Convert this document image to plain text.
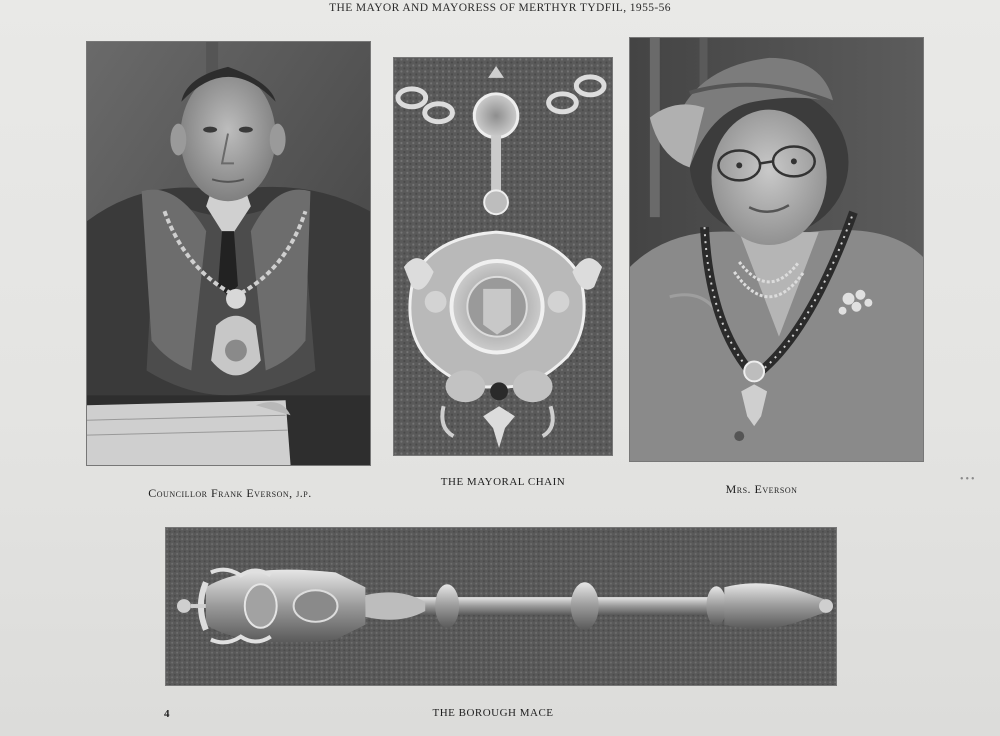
THE MAYOR AND MAYORESS OF MERTHYR TYDFIL, 1955-56
Councillor Frank Everson, j.p.
THE MAYORAL CHAIN	Mrs. Everson
THE BOROUGH MACE
4
•••
